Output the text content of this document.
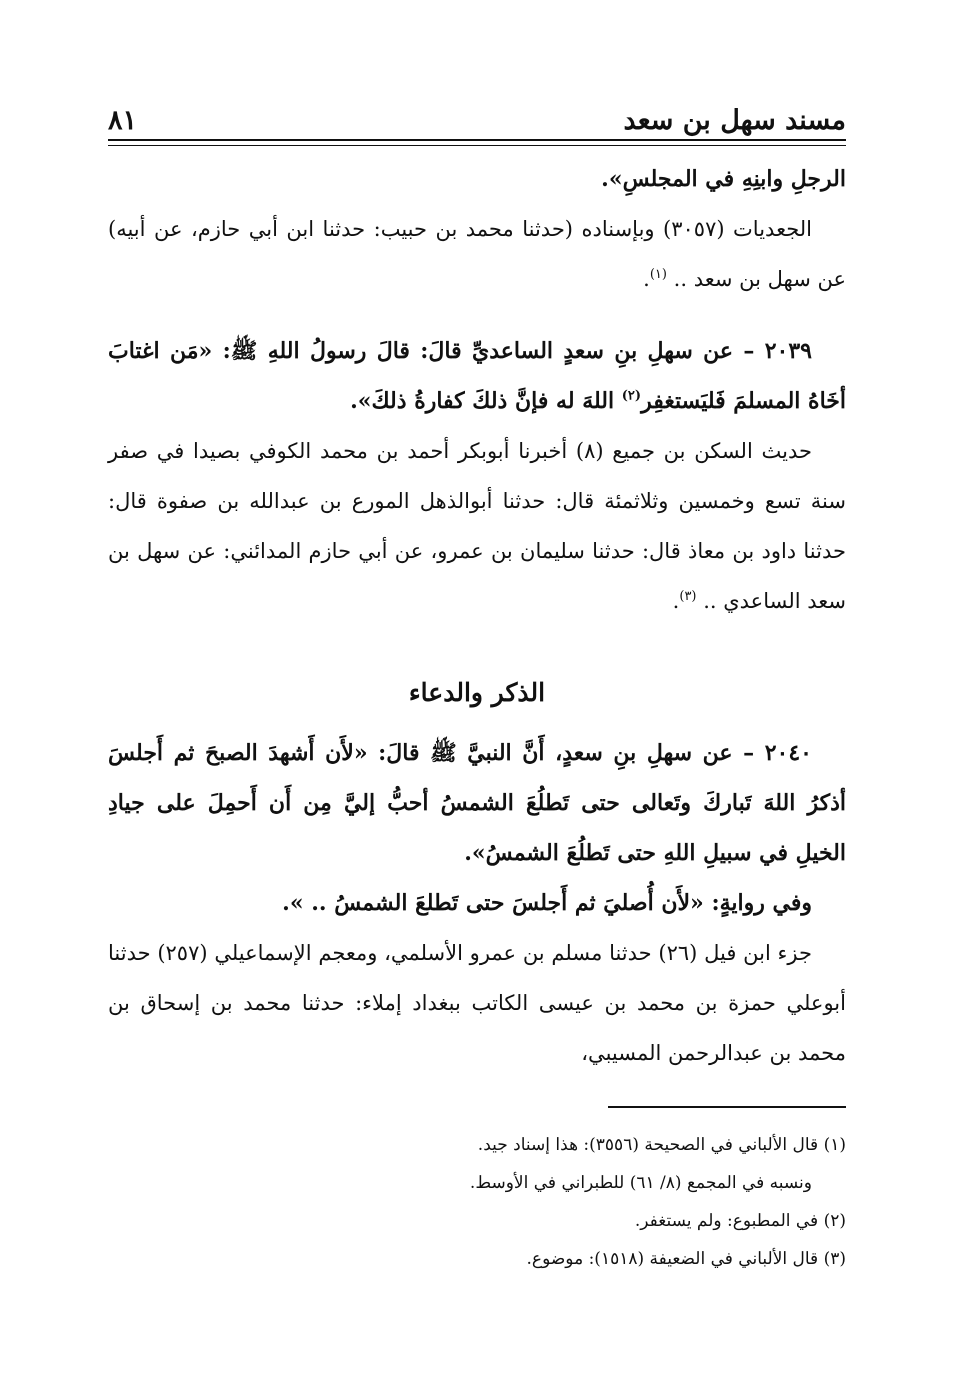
٨١	مسند سهل بن سعد

الرجلِ وابنِهِ في المجلسِ».

الجعديات (٣٠٥٧) وبإسناده (حدثنا محمد بن حبيب: حدثنا ابن أبي حازم، عن أبيه) عن سهل بن سعد .. $^{(١)}$.

٢٠٣٩ – عن سهلِ بنِ سعدٍ الساعديِّ قالَ: قالَ رسولُ اللهِ ﷺ: «مَن اغتابَ أخَاهُ المسلمَ فَليَستغفِر$^{(٢)}$ اللهَ له فإنَّ ذلكَ كفارةُ ذلكَ».

حديث السكن بن جميع (٨) أخبرنا أبوبكر أحمد بن محمد الكوفي بصيدا في صفر سنة تسع وخمسين وثلاثمئة قال: حدثنا أبوالذهل المورع بن عبدالله بن صفوة قال: حدثنا داود بن معاذ قال: حدثنا سليمان بن عمرو، عن أبي حازم المدائني: عن سهل بن سعد الساعدي .. $^{(٣)}$.

الذكر والدعاء

٢٠٤٠ – عن سهلِ بنِ سعدٍ، أَنَّ النبيَّ ﷺ قالَ: «لأَن أَشهدَ الصبحَ ثم أَجلسَ أذكرُ اللهَ تَباركَ وتَعالى حتى تَطلُعَ الشمسُ أحبُّ إليَّ مِن أَن أَحمِلَ على جيادِ الخيلِ في سبيلِ اللهِ حتى تَطلُعَ الشمسُ».

وفي روايةٍ: «لأَن أُصليَ ثم أَجلسَ حتى تَطلعَ الشمسُ .. ».

جزء ابن فيل (٢٦) حدثنا مسلم بن عمرو الأسلمي، ومعجم الإسماعيلي (٢٥٧) حدثنا أبوعلي حمزة بن محمد بن عيسى الكاتب ببغداد إملاء: حدثنا محمد بن إسحاق بن محمد بن عبدالرحمن المسيبي،

(١) قال الألباني في الصحيحة (٣٥٥٦): هذا إسناد جيد.

ونسبه في المجمع (٨/ ٦١) للطبراني في الأوسط.

(٢) في المطبوع: ولم يستغفر.

(٣) قال الألباني في الضعيفة (١٥١٨): موضوع.
